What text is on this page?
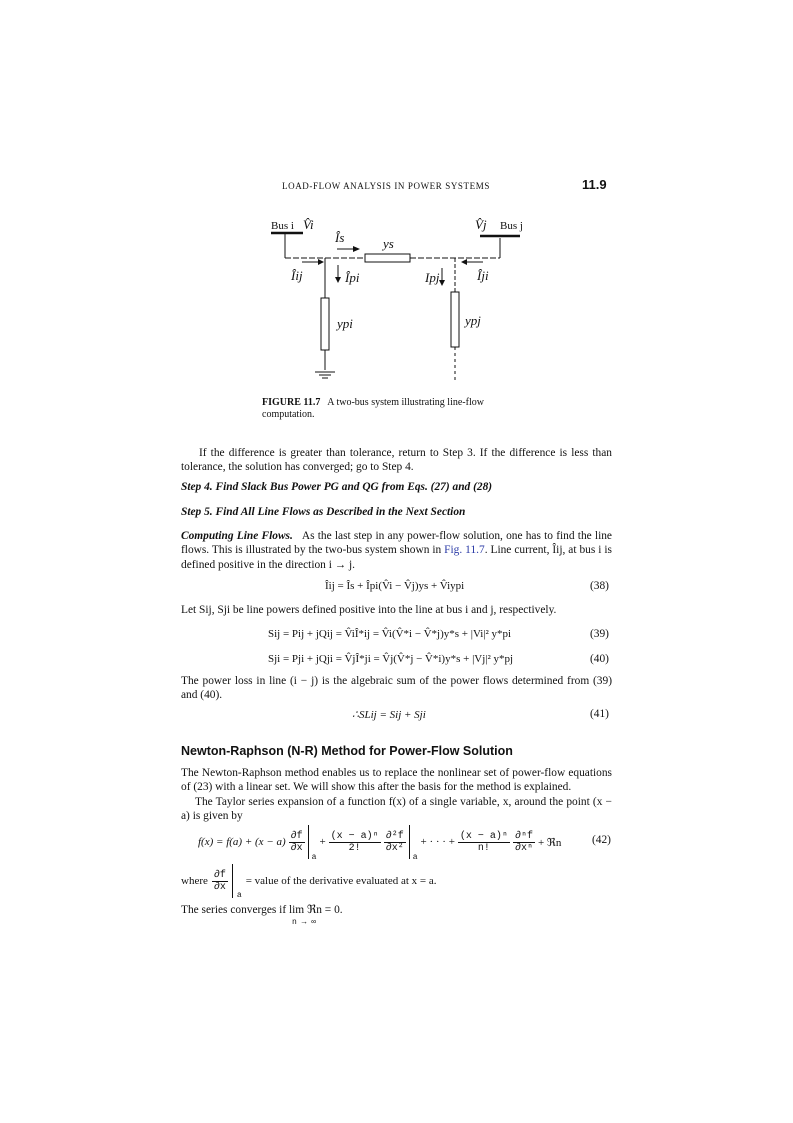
LOAD-FLOW ANALYSIS IN POWER SYSTEMS	11.9
Bus i V̂i
Îs	ys
V̂j Bus j
Îij	Îpi	Ipj	Îji
ypi	ypj
FIGURE 11.7 A two-bus system illustrating line-flow computation.
If the difference is greater than tolerance, return to Step 3. If the difference is less than tolerance, the solution has converged; go to Step 4.
Step 4. Find Slack Bus Power PG and QG from Eqs. (27) and (28)
Step 5. Find All Line Flows as Described in the Next Section
Computing Line Flows. As the last step in any power-flow solution, one has to find the line flows. This is illustrated by the two-bus system shown in Fig. 11.7. Line current, Îij, at bus i is defined positive in the direction i → j.
Îij = Îs + Îpi(V̂i − V̂j)ys + V̂iypi	(38)
Let Sij, Sji be line powers defined positive into the line at bus i and j, respectively.
Sij = Pij + jQij = V̂iÎ*ij = V̂i(V̂*i − V̂*j)y*s + |Vi|² y*pi	(39)
Sji = Pji + jQji = V̂jÎ*ji = V̂j(V̂*j − V̂*i)y*s + |Vj|² y*pj	(40)
The power loss in line (i − j) is the algebraic sum of the power flows determined from (39) and (40).
∴SLij = Sij + Sji	(41)
Newton-Raphson (N-R) Method for Power-Flow Solution
The Newton-Raphson method enables us to replace the nonlinear set of power-flow equations of (23) with a linear set. We will show this after the basis for the method is explained.
The Taylor series expansion of a function f(x) of a single variable, x, around the point (x − a) is given by
$f(x) = f(a) + (x - a) \frac{\partial f}{\partial x}$
a
+ $\frac{\text{(x − a)ⁿ}}{2!} \frac{\text{∂²f}}{\text{∂x²}}$
a
+ · · · + $\frac{\text{(x − a)ⁿ}}{n!} \frac{\text{∂ⁿf}}{\text{∂xⁿ}}$ + ℜn	(42)
where $\frac{\partial f}{\partial x}$
a
= value of the derivative evaluated at x = a.
The series converges if lim ℜn = 0.
n → ∞
